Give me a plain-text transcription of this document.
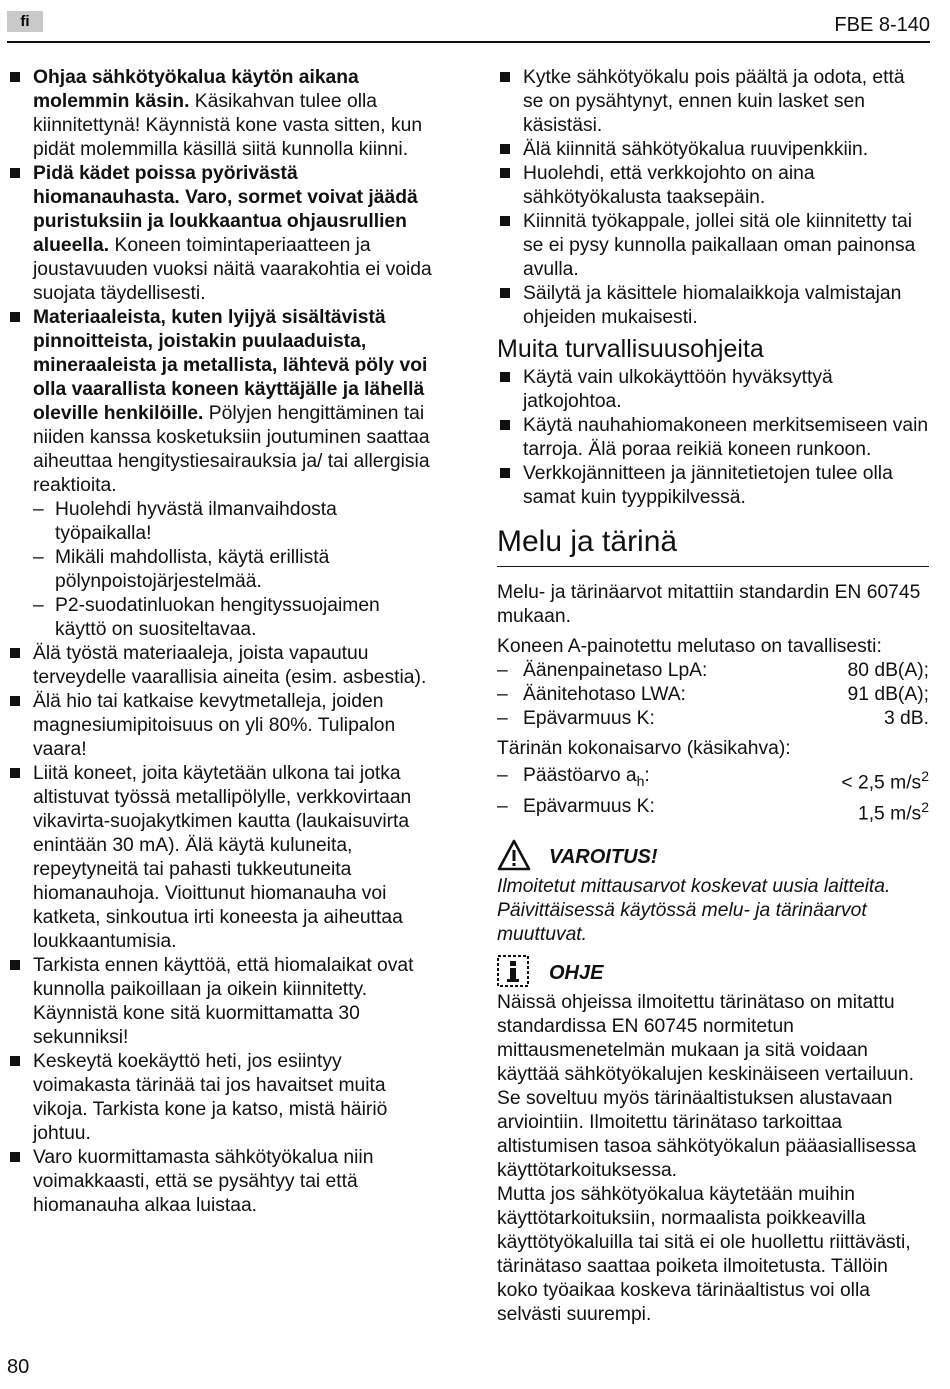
fi	FBE 8-140
Ohjaa sähkötyökalua käytön aikana molemmin käsin. Käsikahvan tulee olla kiinnitettynä! Käynnistä kone vasta sitten, kun pidät molemmilla käsillä siitä kunnolla kiinni.
Pidä kädet poissa pyörivästä hiomanauhasta. Varo, sormet voivat jäädä puristuksiin ja loukkaantua ohjausrullien alueella. Koneen toimintaperiaatteen ja joustavuuden vuoksi näitä vaarakohtia ei voida suojata täydellisesti.
Materiaaleista, kuten lyijyä sisältävistä pinnoitteista, joistakin puulaaduista, mineraaleista ja metallista, lähtevä pöly voi olla vaarallista koneen käyttäjälle ja lähellä oleville henkilöille. Pölyjen hengittäminen tai niiden kanssa kosketuksiin joutuminen saattaa aiheuttaa hengitystiesairauksia ja/ tai allergisia reaktioita.
– Huolehdi hyvästä ilmanvaihdosta työpaikalla!
– Mikäli mahdollista, käytä erillistä pölynpoistojärjestelmää.
– P2-suodatinluokan hengityssuojaimen käyttö on suositeltavaa.
Älä työstä materiaaleja, joista vapautuu terveydelle vaarallisia aineita (esim. asbestia).
Älä hio tai katkaise kevytmetalleja, joiden magnesiumipitoisuus on yli 80%. Tulipalon vaara!
Liitä koneet, joita käytetään ulkona tai jotka altistuvat työssä metallipölylle, verkkovirtaan vikavirta-suojakytkimen kautta (laukaisuvirta enintään 30 mA). Älä käytä kuluneita, repeytyneitä tai pahasti tukkeutuneita hiomanauhoja. Vioittunut hiomanauha voi katketa, sinkoutua irti koneesta ja aiheuttaa loukkaantumisia.
Tarkista ennen käyttöä, että hiomalaikat ovat kunnolla paikoillaan ja oikein kiinnitetty. Käynnistä kone sitä kuormittamatta 30 sekunniksi!
Keskeytä koekäyttö heti, jos esiintyy voimakasta tärinää tai jos havaitset muita vikoja. Tarkista kone ja katso, mistä häiriö johtuu.
Varo kuormittamasta sähkötyökalua niin voimakkaasti, että se pysähtyy tai että hiomanauha alkaa luistaa.
Kytke sähkötyökalu pois päältä ja odota, että se on pysähtynyt, ennen kuin lasket sen käsistäsi.
Älä kiinnitä sähkötyökalua ruuvipenkkiin.
Huolehdi, että verkkojohto on aina sähkötyökalusta taaksepäin.
Kiinnitä työkappale, jollei sitä ole kiinnitetty tai se ei pysy kunnolla paikallaan oman painonsa avulla.
Säilytä ja käsittele hiomalaikkoja valmistajan ohjeiden mukaisesti.
Muita turvallisuusohjeita
Käytä vain ulkokäyttöön hyväksyttyä jatkojohtoa.
Käytä nauhahiomakoneen merkitsemiseen vain tarroja. Älä poraa reikiä koneen runkoon.
Verkkojännitteen ja jännitetietojen tulee olla samat kuin tyyppikilvessä.
Melu ja tärinä

Melu- ja tärinäarvot mitattiin standardin EN 60745 mukaan.

Koneen A-painotettu melutaso on tavallisesti:

– Äänenpainetaso LpA:	80 dB(A);
– Äänitehotaso LWA:	91 dB(A);
– Epävarmuus K:	3 dB.

Tärinän kokonaisarvo (käsikahva):

– Päästöarvo $a_h$:	< 2,5 $m/s^2$
– Epävarmuus K:	1,5 $m/s^2$
VAROITUS!

Ilmoitetut mittausarvot koskevat uusia laitteita. Päivittäisessä käytössä melu- ja tärinäarvot muuttuvat.

OHJE

Näissä ohjeissa ilmoitettu tärinätaso on mitattu standardissa EN 60745 normitetun mittausmenetelmän mukaan ja sitä voidaan käyttää sähkötyökalujen keskinäiseen vertailuun. Se soveltuu myös tärinäaltistuksen alustavaan arviointiin. Ilmoitettu tärinätaso tarkoittaa altistumisen tasoa sähkötyökalun pääasiallisessa käyttötarkoituksessa.

Mutta jos sähkötyökalua käytetään muihin käyttötarkoituksiin, normaalista poikkeavilla käyttötyökaluilla tai sitä ei ole huollettu riittävästi, tärinätaso saattaa poiketa ilmoitetusta. Tällöin koko työaikaa koskeva tärinäaltistus voi olla selvästi suurempi.

80
